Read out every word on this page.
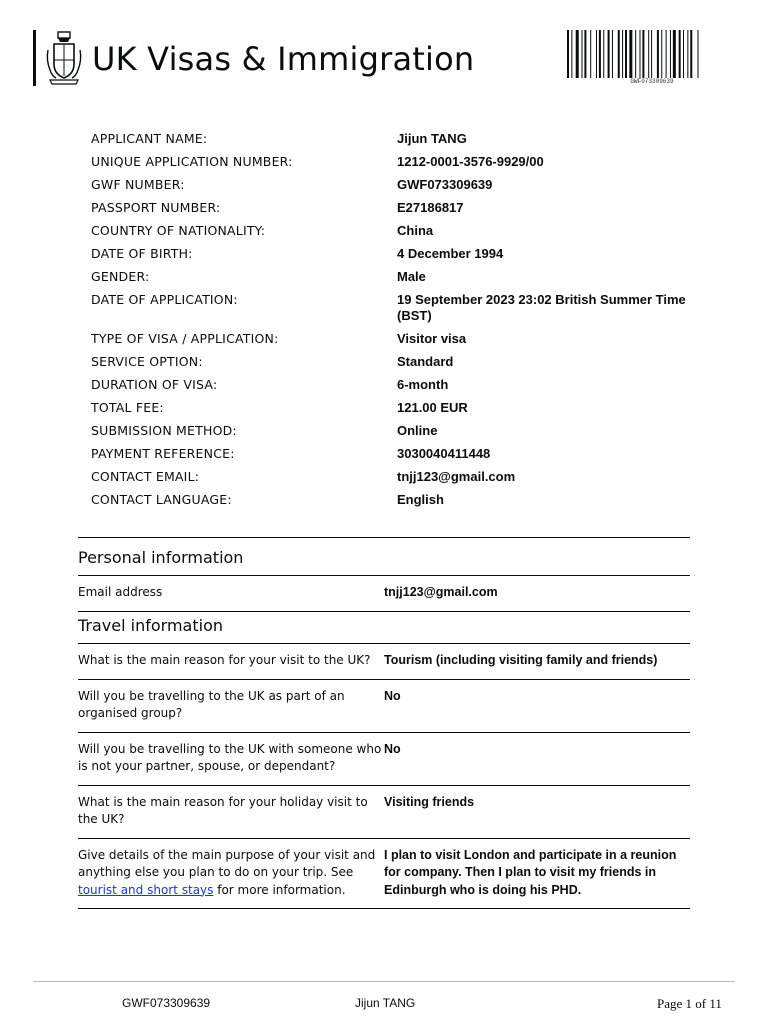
UK Visas & Immigration
GWF073309639
APPLICANT NAME:	Jijun TANG
UNIQUE APPLICATION NUMBER:	1212-0001-3576-9929/00
GWF NUMBER:	GWF073309639
PASSPORT NUMBER:	E27186817
COUNTRY OF NATIONALITY:	China
DATE OF BIRTH:	4 December 1994
GENDER:	Male
DATE OF APPLICATION:	19 September 2023 23:02 British Summer Time (BST)
TYPE OF VISA / APPLICATION:	Visitor visa
SERVICE OPTION:	Standard
DURATION OF VISA:	6-month
TOTAL FEE:	121.00 EUR
SUBMISSION METHOD:	Online
PAYMENT REFERENCE:	3030040411448
CONTACT EMAIL:	tnjj123@gmail.com
CONTACT LANGUAGE:	English
Personal information
Email address	tnjj123@gmail.com
Travel information
What is the main reason for your visit to the UK?	Tourism (including visiting family and friends)
Will you be travelling to the UK as part of an organised group?
No
Will you be travelling to the UK with someone who is not your partner, spouse, or dependant?
No
What is the main reason for your holiday visit to the UK?
Visiting friends
Give details of the main purpose of your visit and anything else you plan to do on your trip. See tourist and short stays for more information.
I plan to visit London and participate in a reunion for company. Then I plan to visit my friends in Edinburgh who is doing his PHD.
GWF073309639	Jijun TANG	Page 1 of 11
